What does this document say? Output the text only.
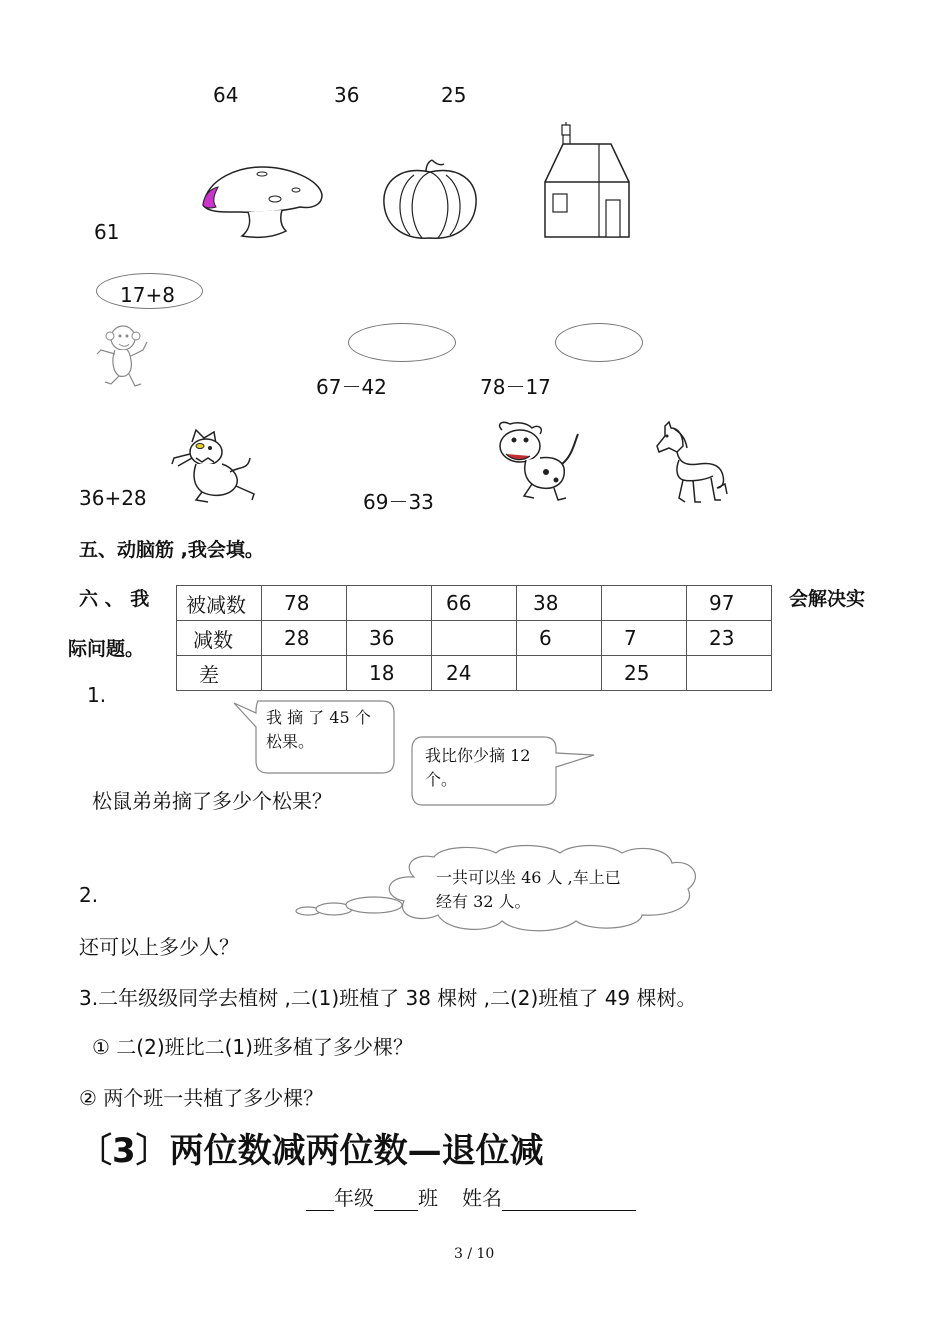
64	36	25
61
17+8
67－42	78－17
36+28	69－33
五、动脑筋 ,我会填。
六 、 我	会解决实
际问题。
被减数	78		66	38		97
减数	28	36		6	7	23
差		18	24		25	
1.
我 摘 了 45 个 松果。
我比你少摘 12 个。
松鼠弟弟摘了多少个松果？
一共可以坐 46 人 ,车上已经有 32 人。
2.
还可以上多少人？
3.二年级级同学去植树 ,二(1)班植了 38 棵树 ,二(2)班植了 49 棵树。
① 二(2)班比二(1)班多植了多少棵？
② 两个班一共植了多少棵？
〔3〕两位数减两位数—退位减
年级 班 姓名
3 / 10
